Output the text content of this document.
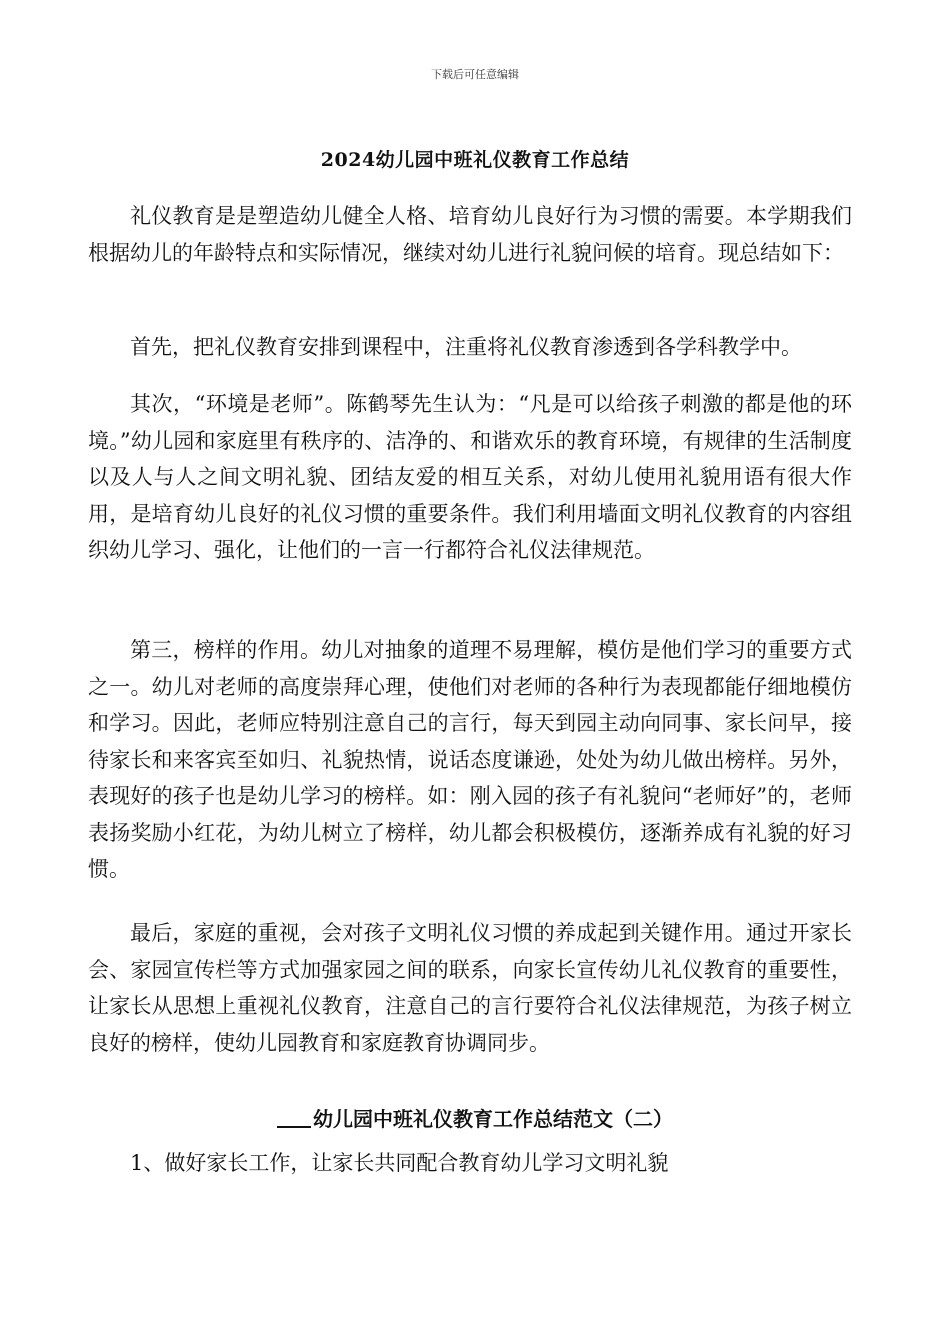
下载后可任意编辑
2024幼儿园中班礼仪教育工作总结

礼仪教育是是塑造幼儿健全人格、培育幼儿良好行为习惯的需要。本学期我们根据幼儿的年龄特点和实际情况，继续对幼儿进行礼貌问候的培育。现总结如下：

首先，把礼仪教育安排到课程中，注重将礼仪教育渗透到各学科教学中。

其次，“环境是老师”。陈鹤琴先生认为：“凡是可以给孩子刺激的都是他的环境。”幼儿园和家庭里有秩序的、洁净的、和谐欢乐的教育环境，有规律的生活制度以及人与人之间文明礼貌、团结友爱的相互关系，对幼儿使用礼貌用语有很大作用，是培育幼儿良好的礼仪习惯的重要条件。我们利用墙面文明礼仪教育的内容组织幼儿学习、强化，让他们的一言一行都符合礼仪法律规范。

第三，榜样的作用。幼儿对抽象的道理不易理解，模仿是他们学习的重要方式之一。幼儿对老师的高度崇拜心理，使他们对老师的各种行为表现都能仔细地模仿和学习。因此，老师应特别注意自己的言行，每天到园主动向同事、家长问早，接待家长和来客宾至如归、礼貌热情，说话态度谦逊，处处为幼儿做出榜样。另外，表现好的孩子也是幼儿学习的榜样。如：刚入园的孩子有礼貌问“老师好”的，老师表扬奖励小红花，为幼儿树立了榜样，幼儿都会积极模仿，逐渐养成有礼貌的好习惯。

最后，家庭的重视，会对孩子文明礼仪习惯的养成起到关键作用。通过开家长会、家园宣传栏等方式加强家园之间的联系，向家长宣传幼儿礼仪教育的重要性，让家长从思想上重视礼仪教育，注意自己的言行要符合礼仪法律规范，为孩子树立良好的榜样，使幼儿园教育和家庭教育协调同步。

幼儿园中班礼仪教育工作总结范文（二）

1、做好家长工作，让家长共同配合教育幼儿学习文明礼貌
